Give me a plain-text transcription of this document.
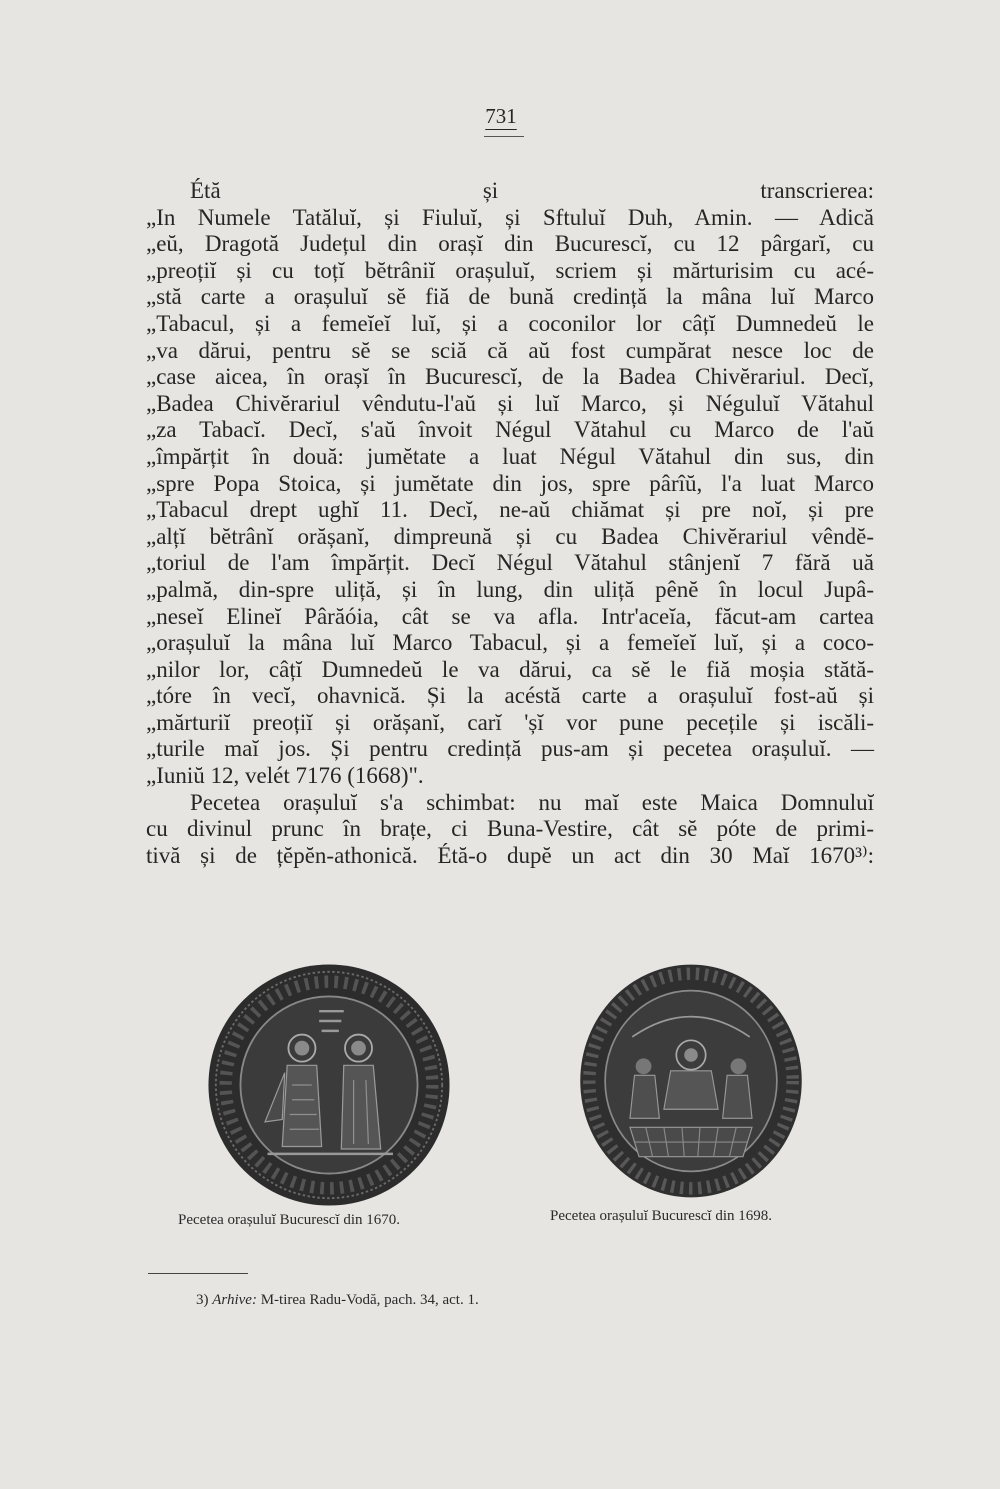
731
Étă și transcrierea:
„In Numele Tatăluĭ, și Fiuluĭ, și Sftuluĭ Duh, Amin. — Adică
„eŭ, Dragotă Județul din orașĭ din Bucurescĭ, cu 12 pârgarĭ, cu
„preoțiĭ și cu toțĭ bĕtrâniĭ orașuluĭ, scriem și mărturisim cu acé-
„stă carte a orașuluĭ sĕ fiă de bună credință la mâna luĭ Marco
„Tabacul, și a femeĭeĭ luĭ, și a coconilor lor câțĭ Dumnedeŭ le
„va dărui, pentru sĕ se sciă că aŭ fost cumpărat nesce loc de
„case aicea, în orașĭ în Bucurescĭ, de la Badea Chivĕrariul. Decĭ,
„Badea Chivĕrariul vêndutu-l'aŭ și luĭ Marco, și Néguluĭ Vătahul
„za Tabacĭ. Decĭ, s'aŭ învoit Négul Vătahul cu Marco de l'aŭ
„împărțit în două: jumĕtate a luat Négul Vătahul din sus, din
„spre Popa Stoica, și jumĕtate din jos, spre pârîŭ, l'a luat Marco
„Tabacul drept ughĭ 11. Decĭ, ne-aŭ chiămat și pre noĭ, și pre
„alțĭ bĕtrânĭ orășanĭ, dimpreună și cu Badea Chivĕrariul vêndĕ-
„toriul de l'am împărțit. Decĭ Négul Vătahul stânjenĭ 7 fără uă
„palmă, din-spre uliță, și în lung, din uliță pênĕ în locul Jupâ-
„neseĭ Elineĭ Pârăóia, cât se va afla. Intr'aceĭa, făcut-am cartea
„orașuluĭ la mâna luĭ Marco Tabacul, și a femeĭeĭ luĭ, și a coco-
„nilor lor, câțĭ Dumnedeŭ le va dărui, ca sĕ le fiă moșia stătă-
„tóre în vecĭ, ohavnică. Și la acéstă carte a orașuluĭ fost-aŭ și
„mărturiĭ preoțiĭ și orășanĭ, carĭ 'șĭ vor pune pecețile și iscăli-
„turile maĭ jos. Și pentru credință pus-am și pecetea orașuluĭ. —
„Iuniŭ 12, velét 7176 (1668)".
Pecetea orașuluĭ s'a schimbat: nu maĭ este Maica Domnuluĭ
cu divinul prunc în brațe, ci Buna-Vestire, cât sĕ póte de primi-
tivă și de țĕpĕn-athonică. Étă-o dupĕ un act din 30 Maĭ 1670³⁾:
Pecetea orașuluĭ Bucurescĭ din 1670.	Pecetea orașuluĭ Bucurescĭ din 1698.
3) Arhive: M-tirea Radu-Vodă, pach. 34, act. 1.
